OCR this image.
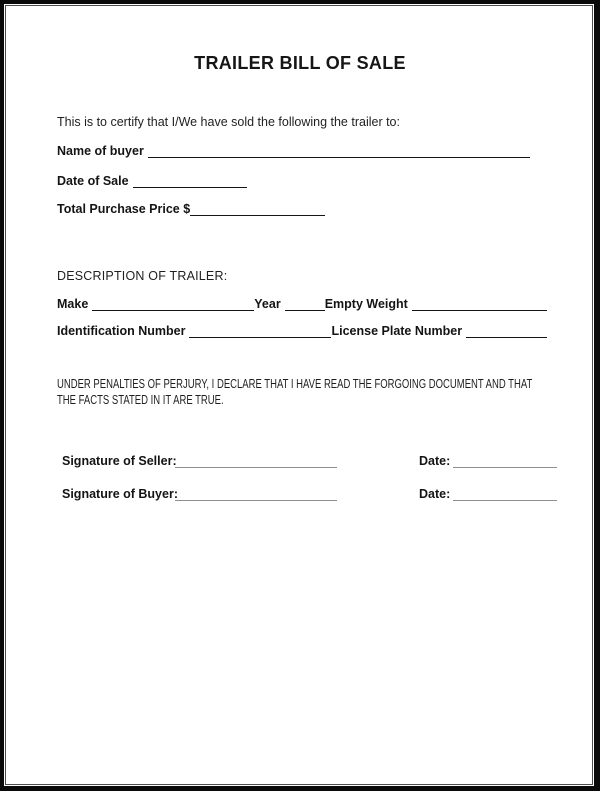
TRAILER BILL OF SALE

This is to certify that I/We have sold the following the trailer to:

Name of buyer
Date of Sale
Total Purchase Price $

DESCRIPTION OF TRAILER:

Make	Year	Empty Weight
Identification Number	License Plate Number

UNDER PENALTIES OF PERJURY, I DECLARE THAT I HAVE READ THE FORGOING DOCUMENT AND THAT THE FACTS STATED IN IT ARE TRUE.

Signature of Seller:	Date:
Signature of Buyer:	Date:
